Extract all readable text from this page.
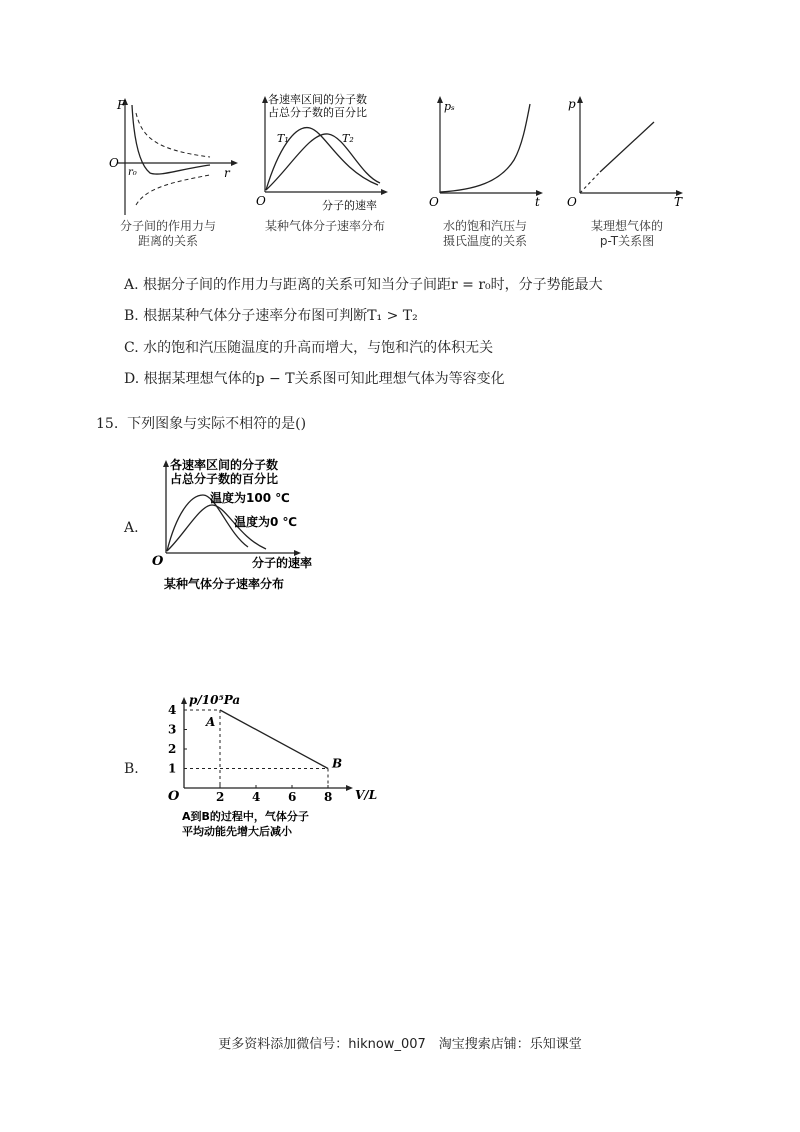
F
r
O
r₀
分子间的作用力与
距离的关系
各速率区间的分子数
占总分子数的百分比
O
T₁	T₂
分子的速率
某种气体分子速率分布
pₛ
t
O
水的饱和汽压与
摄氏温度的关系
p
T
O
某理想气体的
p-T关系图
A. 根据分子间的作用力与距离的关系可知当分子间距r = r₀时，分子势能最大
B. 根据某种气体分子速率分布图可判断T₁ > T₂
C. 水的饱和汽压随温度的升高而增大，与饱和汽的体积无关
D. 根据某理想气体的p − T关系图可知此理想气体为等容变化
15. 下列图象与实际不相符的是()
A.
各速率区间的分子数
占总分子数的百分比
O
温度为100 ℃
温度为0 ℃
分子的速率
某种气体分子速率分布
B.
p/10⁵Pa
O	V/L
4
3
2
1
2 4 6 8
A
B
A到B的过程中，气体分子
平均动能先增大后减小
更多资料添加微信号：hiknow_007　淘宝搜索店铺：乐知课堂
